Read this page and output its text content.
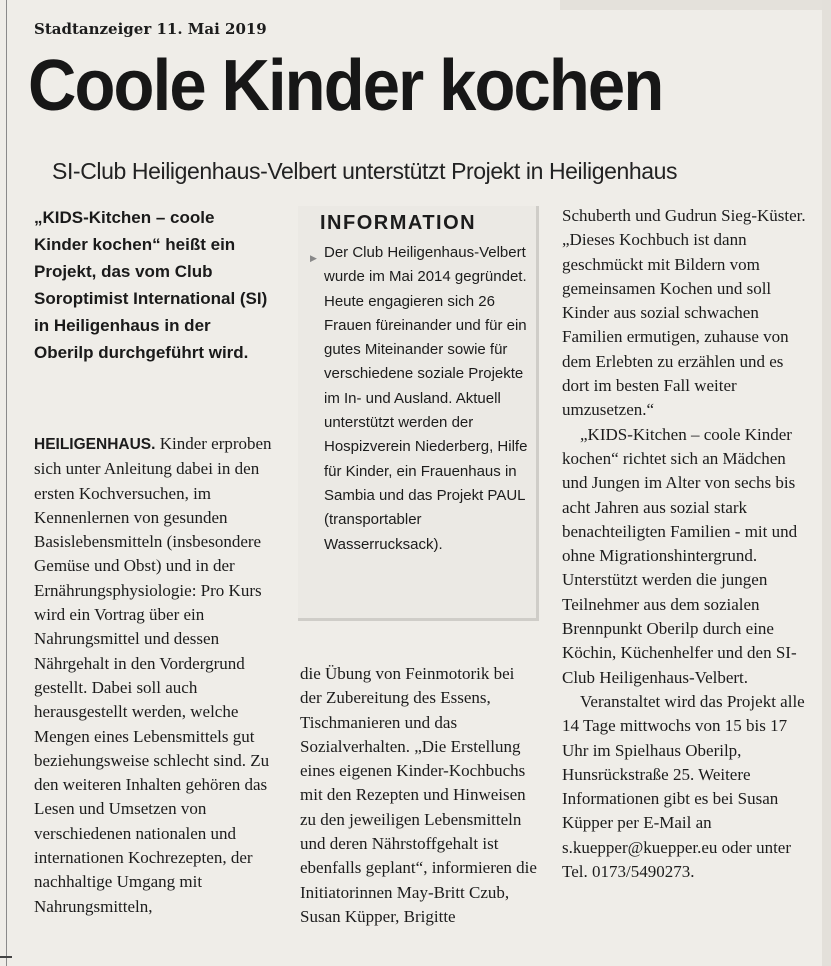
Stadtanzeiger 11. Mai 2019
Coole Kinder kochen
SI-Club Heiligenhaus-Velbert unterstützt Projekt in Heiligenhaus

„KIDS-Kitchen – coole Kinder kochen“ heißt ein Projekt, das vom Club Soroptimist International (SI) in Heiligenhaus in der Oberilp durchgeführt wird.

HEILIGENHAUS. Kinder erproben sich unter Anleitung dabei in den ersten Kochversuchen, im Kennenlernen von gesunden Basislebensmitteln (insbesondere Gemüse und Obst) und in der Ernährungsphysiologie: Pro Kurs wird ein Vortrag über ein Nahrungsmittel und dessen Nährgehalt in den Vordergrund gestellt. Dabei soll auch herausgestellt werden, welche Mengen eines Lebensmittels gut beziehungsweise schlecht sind. Zu den weiteren Inhalten gehören das Lesen und Umsetzen von verschiedenen nationalen und internationen Kochrezepten, der nachhaltige Umgang mit Nahrungsmitteln,

INFORMATION

▶ Der Club Heiligenhaus-Velbert wurde im Mai 2014 gegründet. Heute engagieren sich 26 Frauen füreinander und für ein gutes Miteinander sowie für verschiedene soziale Projekte im In- und Ausland. Aktuell unterstützt werden der Hospizverein Niederberg, Hilfe für Kinder, ein Frauenhaus in Sambia und das Projekt PAUL (transportabler Wasserrucksack).

die Übung von Feinmotorik bei der Zubereitung des Essens, Tischmanieren und das Sozialverhalten. „Die Erstellung eines eigenen Kinder-Kochbuchs mit den Rezepten und Hinweisen zu den jeweiligen Lebensmitteln und deren Nährstoffgehalt ist ebenfalls geplant“, informieren die Initiatorinnen May-Britt Czub, Susan Küpper, Brigitte

Schuberth und Gudrun Sieg-Küster. „Dieses Kochbuch ist dann geschmückt mit Bildern vom gemeinsamen Kochen und soll Kinder aus sozial schwachen Familien ermutigen, zuhause von dem Erlebten zu erzählen und es dort im besten Fall weiter umzusetzen.“

„KIDS-Kitchen – coole Kinder kochen“ richtet sich an Mädchen und Jungen im Alter von sechs bis acht Jahren aus sozial stark benachteiligten Familien - mit und ohne Migrationshintergrund. Unterstützt werden die jungen Teilnehmer aus dem sozialen Brennpunkt Oberilp durch eine Köchin, Küchenhelfer und den SI-Club Heiligenhaus-Velbert.

Veranstaltet wird das Projekt alle 14 Tage mittwochs von 15 bis 17 Uhr im Spielhaus Oberilp, Hunsrückstraße 25. Weitere Informationen gibt es bei Susan Küpper per E-Mail an s.kuepper@kuepper.eu oder unter Tel. 0173/5490273.
